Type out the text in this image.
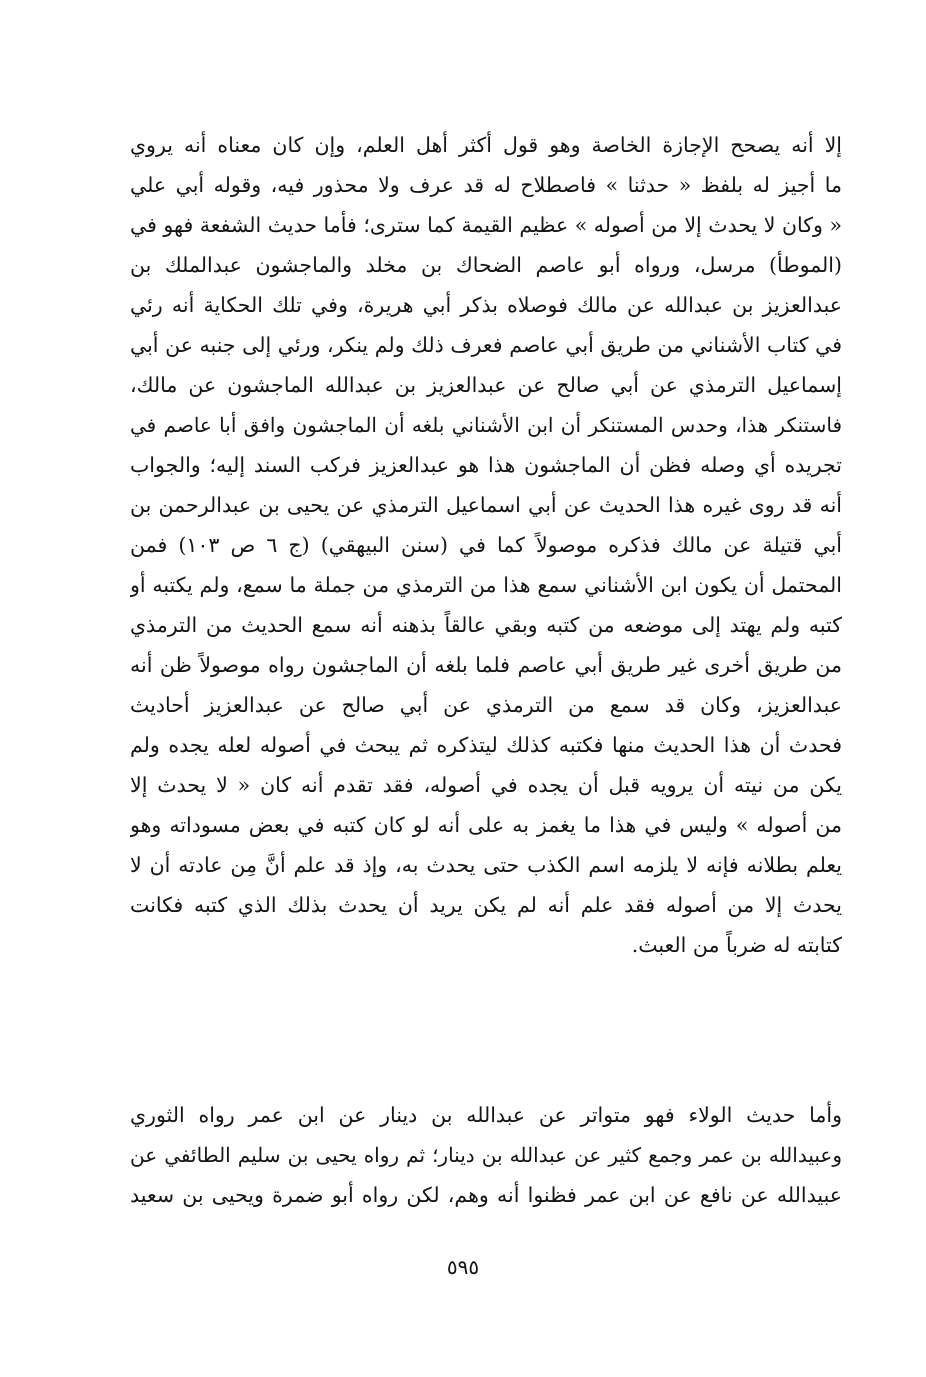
إلا أنه يصحح الإجازة الخاصة وهو قول أكثر أهل العلم، وإن كان معناه أنه يروي
ما أجيز له بلفظ « حدثنا » فاصطلاح له قد عرف ولا محذور فيه، وقوله أبي علي
« وكان لا يحدث إلا من أصوله » عظيم القيمة كما سترى؛ فأما حديث الشفعة فهو في
(الموطأ) مرسل، ورواه أبو عاصم الضحاك بن مخلد والماجشون عبدالملك بن
عبدالعزيز بن عبدالله عن مالك فوصلاه بذكر أبي هريرة، وفي تلك الحكاية أنه رئي
في كتاب الأشناني من طريق أبي عاصم فعرف ذلك ولم ينكر، ورئي إلى جنبه عن أبي
إسماعيل الترمذي عن أبي صالح عن عبدالعزيز بن عبدالله الماجشون عن مالك،
فاستنكر هذا، وحدس المستنكر أن ابن الأشناني بلغه أن الماجشون وافق أبا عاصم في
تجريده أي وصله فظن أن الماجشون هذا هو عبدالعزيز فركب السند إليه؛ والجواب
أنه قد روى غيره هذا الحديث عن أبي اسماعيل الترمذي عن يحيى بن عبدالرحمن بن
أبي قتيلة عن مالك فذكره موصولاً كما في (سنن البيهقي) (ج ٦ ص ١٠٣) فمن
المحتمل أن يكون ابن الأشناني سمع هذا من الترمذي من جملة ما سمع، ولم يكتبه أو
كتبه ولم يهتد إلى موضعه من كتبه وبقي عالقاً بذهنه أنه سمع الحديث من الترمذي
من طريق أخرى غير طريق أبي عاصم فلما بلغه أن الماجشون رواه موصولاً ظن أنه
عبدالعزيز، وكان قد سمع من الترمذي عن أبي صالح عن عبدالعزيز أحاديث
فحدث أن هذا الحديث منها فكتبه كذلك ليتذكره ثم يبحث في أصوله لعله يجده ولم
يكن من نيته أن يرويه قبل أن يجده في أصوله، فقد تقدم أنه كان « لا يحدث إلا
من أصوله » وليس في هذا ما يغمز به على أنه لو كان كتبه في بعض مسوداته وهو
يعلم بطلانه فإنه لا يلزمه اسم الكذب حتى يحدث به، وإذ قد علم أنَّ مِن عادته أن لا
يحدث إلا من أصوله فقد علم أنه لم يكن يريد أن يحدث بذلك الذي كتبه فكانت
كتابته له ضرباً من العبث.
وأما حديث الولاء فهو متواتر عن عبدالله بن دينار عن ابن عمر رواه الثوري
وعبيدالله بن عمر وجمع كثير عن عبدالله بن دينار؛ ثم رواه يحيى بن سليم الطائفي عن
عبيدالله عن نافع عن ابن عمر فظنوا أنه وهم، لكن رواه أبو ضمرة ويحيى بن سعيد
٥٩٥
